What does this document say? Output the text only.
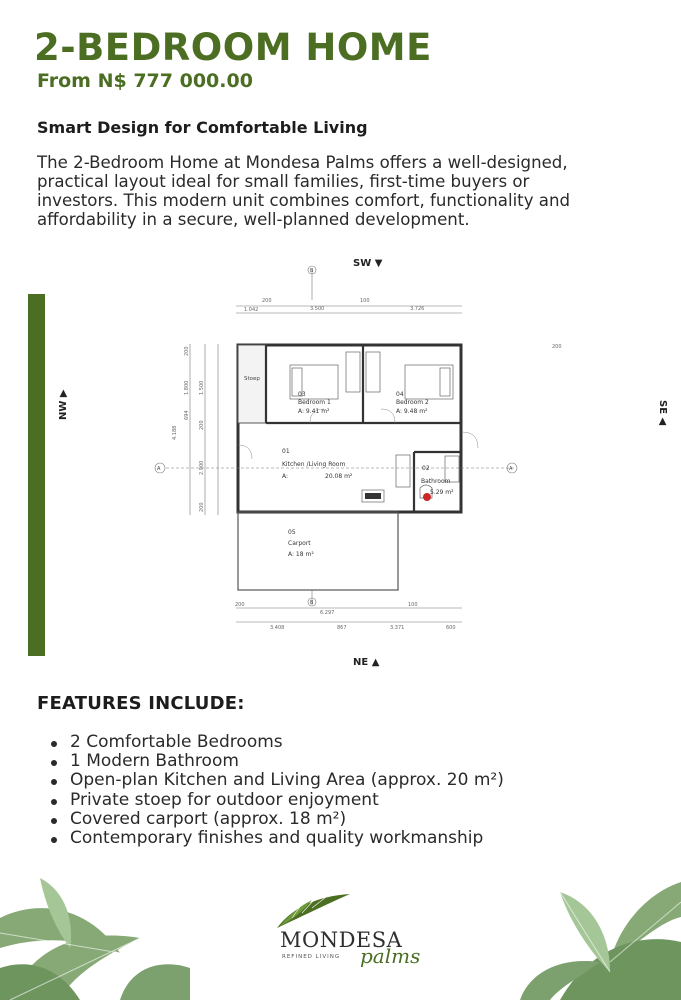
2-BEDROOM HOME
From N$ 777 000.00
Smart Design for Comfortable Living
The 2-Bedroom Home at Mondesa Palms offers a well-designed,
practical layout ideal for small families, first-time buyers or
investors. This modern unit combines comfort, functionality and
affordability in a secure, well-planned development.
SW ▼
NE ▲
NW ▶
SE ◀
200
3.500
100
1.042	3.726
200
6.297
100
3.408	867	3.371	600
200
200
1.800
694
4.188
1.500
200
2.900
200
Stoep
A	A
B
B
03
Bedroom 1
A: 9.41 m²
04
Bedroom 2
A: 9.48 m²
01
Kitchen /Living Room
A:	20.08 m²
02
Bathroom
5.29 m²
05
Carport
A: 18 m²
FEATURES INCLUDE:
2 Comfortable Bedrooms
1 Modern Bathroom
Open-plan Kitchen and Living Area (approx. 20 m²)
Private stoep for outdoor enjoyment
Covered carport (approx. 18 m²)
Contemporary finishes and quality workmanship
MONDESA
palms
REFINED LIVING
